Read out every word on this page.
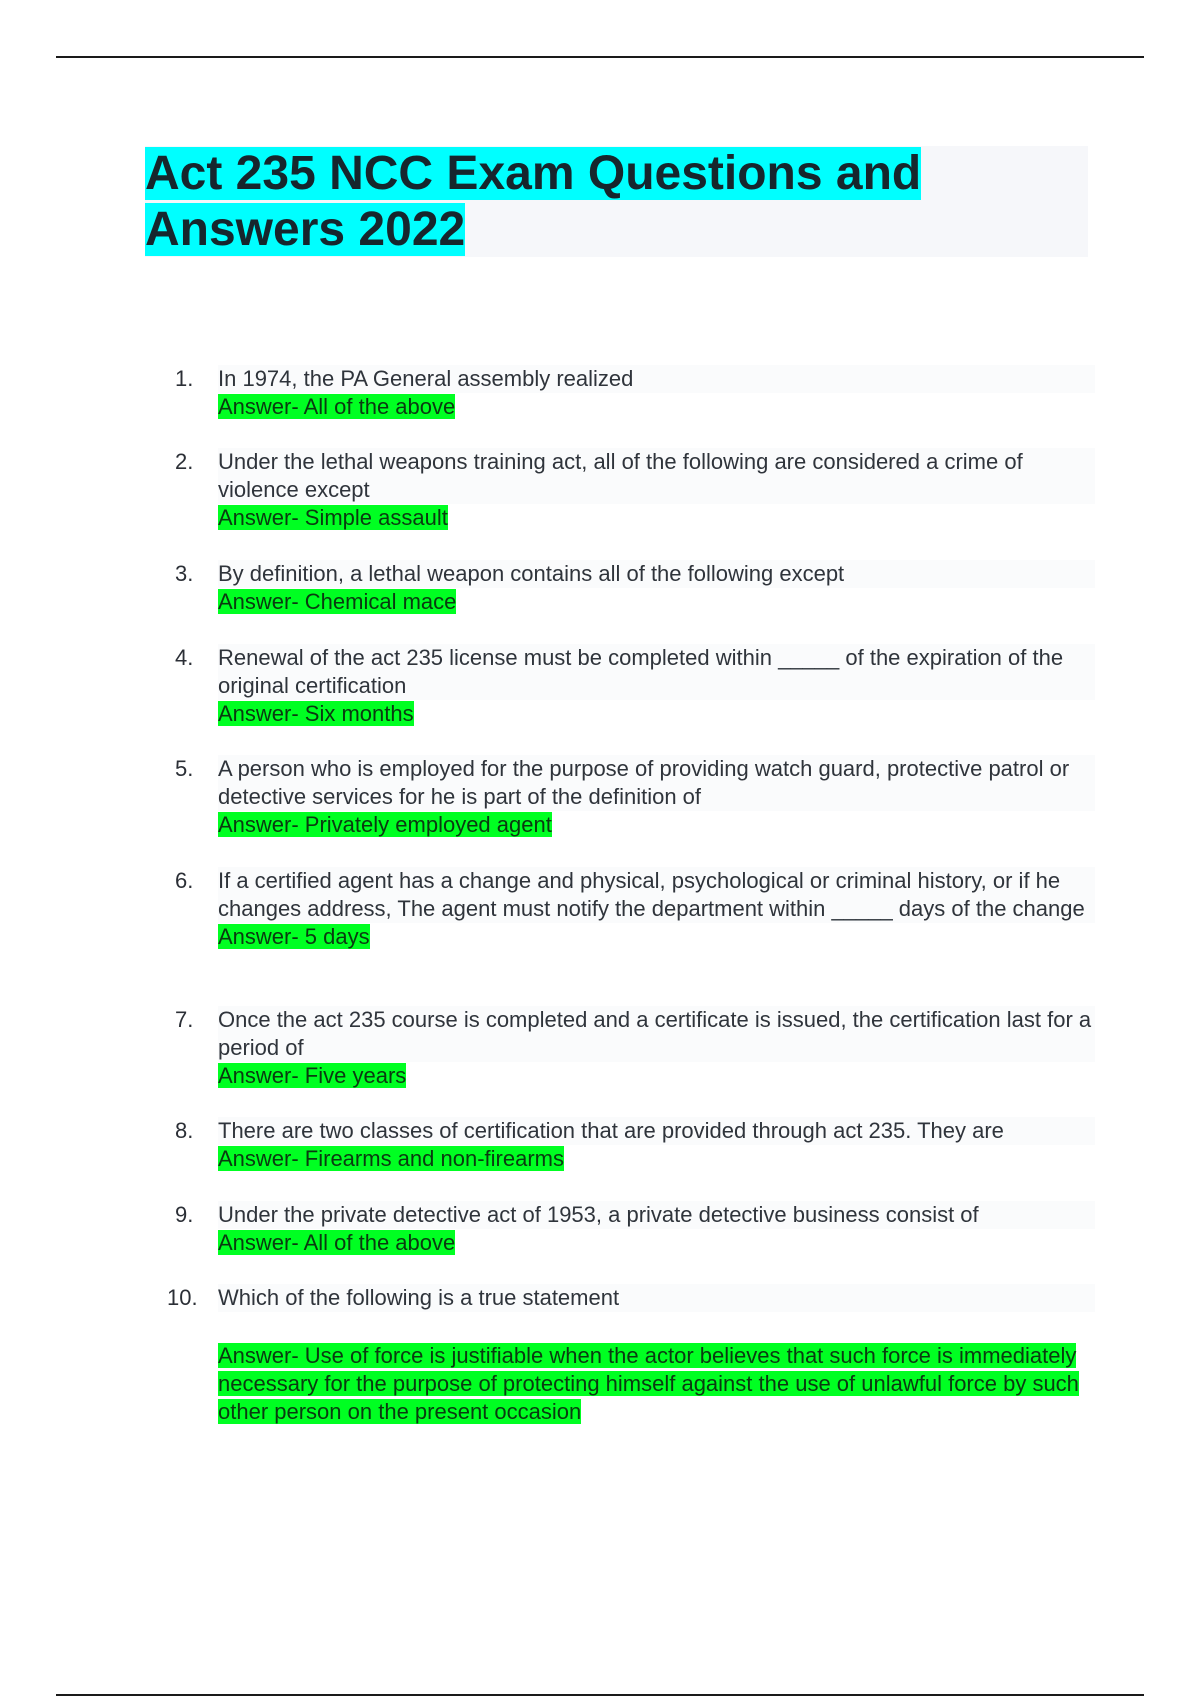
Act 235 NCC Exam Questions and
Answers 2022
1.	In 1974, the PA General assembly realized
Answer- All of the above
2.	Under the lethal weapons training act, all of the following are considered a crime of violence except
Answer- Simple assault
3.	By definition, a lethal weapon contains all of the following except
Answer- Chemical mace
4.	Renewal of the act 235 license must be completed within _____ of the expiration of the original certification
Answer- Six months
5.	A person who is employed for the purpose of providing watch guard, protective patrol or detective services for he is part of the definition of
Answer- Privately employed agent
6.	If a certified agent has a change and physical, psychological or criminal history, or if he changes address, The agent must notify the department within _____ days of the change
Answer- 5 days
7.	Once the act 235 course is completed and a certificate is issued, the certification last for a period of
Answer- Five years
8.	There are two classes of certification that are provided through act 235. They are
Answer- Firearms and non-firearms
9.	Under the private detective act of 1953, a private detective business consist of
Answer- All of the above
10. Which of the following is a true statement
Answer- Use of force is justifiable when the actor believes that such force is immediately necessary for the purpose of protecting himself against the use of unlawful force by such other person on the present occasion
